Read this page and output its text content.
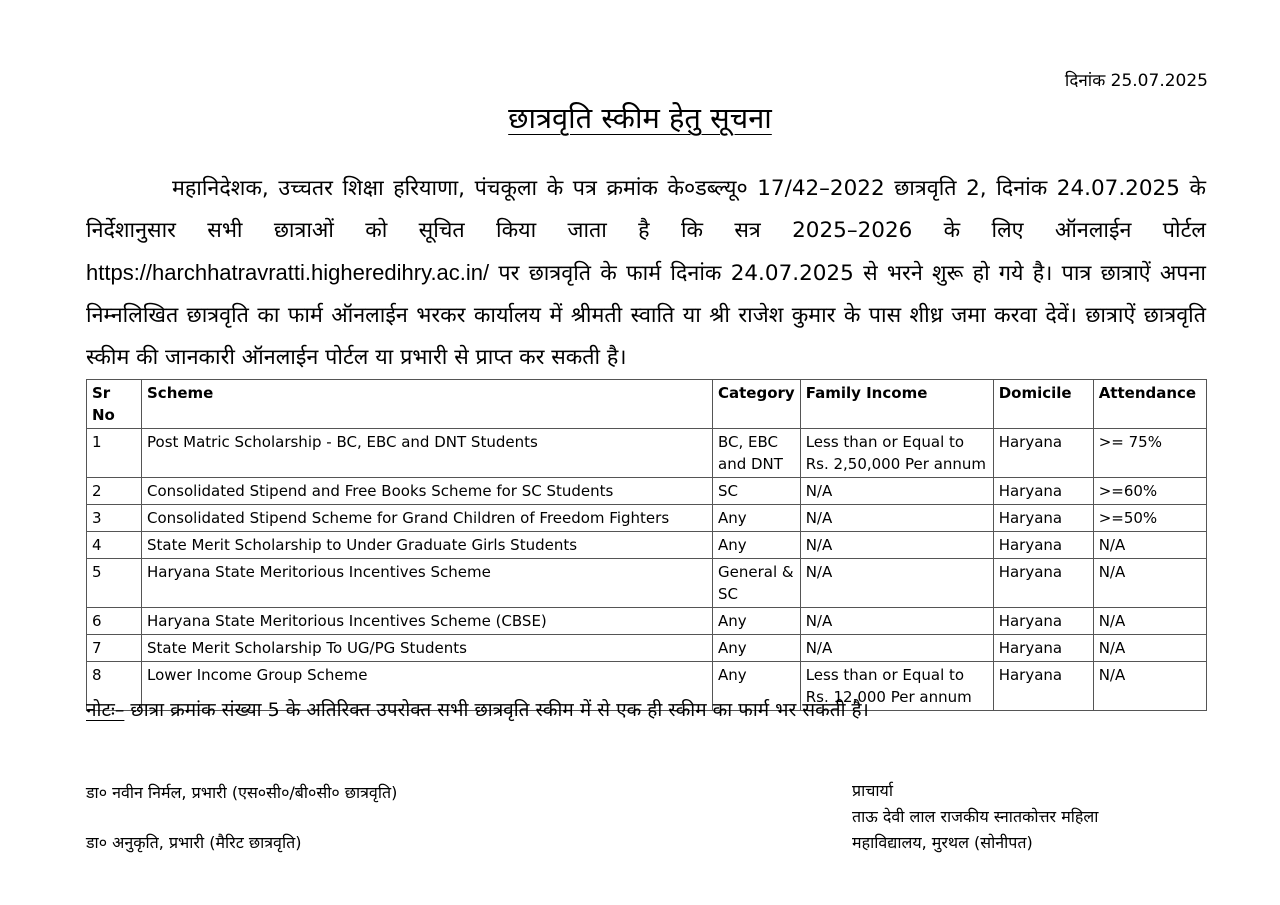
दिनांक 25.07.2025
छात्रवृति स्कीम हेतु सूचना

महानिदेशक, उच्चतर शिक्षा हरियाणा, पंचकूला के पत्र क्रमांक के०डब्ल्यू० 17/42–2022 छात्रवृति 2, दिनांक 24.07.2025 के निर्देशानुसार सभी छात्राओं को सूचित किया जाता है कि सत्र 2025–2026 के लिए ऑनलाईन पोर्टल https://harchhatravratti.higheredihry.ac.in/ पर छात्रवृति के फार्म दिनांक 24.07.2025 से भरने शुरू हो गये है। पात्र छात्राऐं अपना निम्नलिखित छात्रवृति का फार्म ऑनलाईन भरकर कार्यालय में श्रीमती स्वाति या श्री राजेश कुमार के पास शीध्र जमा करवा देवें। छात्राऐं छात्रवृति स्कीम की जानकारी ऑनलाईन पोर्टल या प्रभारी से प्राप्त कर सकती है।

Sr No	Scheme	Category	Family Income	Domicile	Attendance
1	Post Matric Scholarship - BC, EBC and DNT Students	BC, EBC and DNT	Less than or Equal to Rs. 2,50,000 Per annum	Haryana	>= 75%
2	Consolidated Stipend and Free Books Scheme for SC Students	SC	N/A	Haryana	>=60%
3	Consolidated Stipend Scheme for Grand Children of Freedom Fighters	Any	N/A	Haryana	>=50%
4	State Merit Scholarship to Under Graduate Girls Students	Any	N/A	Haryana	N/A
5	Haryana State Meritorious Incentives Scheme	General & SC	N/A	Haryana	N/A
6	Haryana State Meritorious Incentives Scheme (CBSE)	Any	N/A	Haryana	N/A
7	State Merit Scholarship To UG/PG Students	Any	N/A	Haryana	N/A
8	Lower Income Group Scheme	Any	Less than or Equal to Rs. 12,000 Per annum	Haryana	N/A
नोटः– छात्रा क्रमांक संख्या 5 के अतिरिक्त उपरोक्त सभी छात्रवृति स्कीम में से एक ही स्कीम का फार्म भर सकती है।
डा० नवीन निर्मल, प्रभारी (एस०सी०/बी०सी० छात्रवृति)
डा० अनुकृति, प्रभारी (मैरिट छात्रवृति)
प्राचार्या
ताऊ देवी लाल राजकीय स्नातकोत्तर महिला
महाविद्यालय, मुरथल (सोनीपत)
